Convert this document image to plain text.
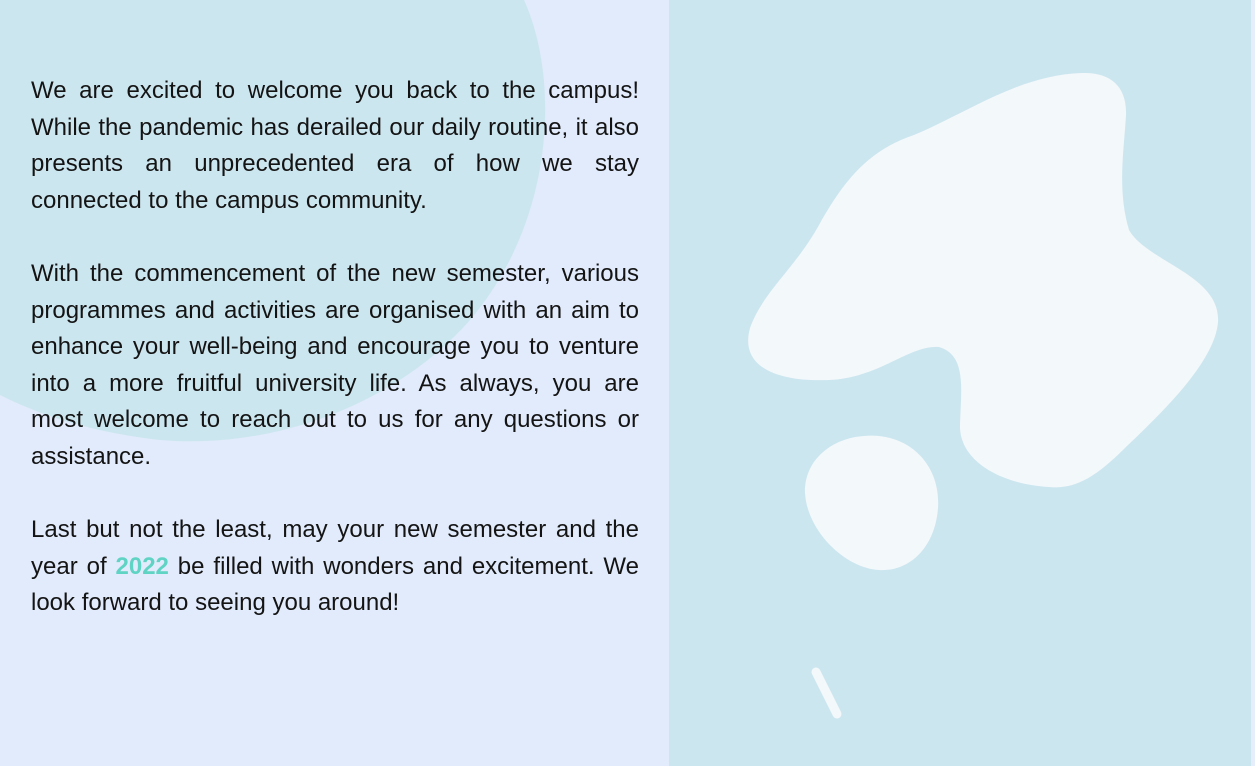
We are excited to welcome you back to the campus! While the pandemic has derailed our daily routine, it also presents an unprecedented era of how we stay connected to the campus community.

With the commencement of the new semester, various programmes and activities are organised with an aim to enhance your well-being and encourage you to venture into a more fruitful university life. As always, you are most welcome to reach out to us for any questions or assistance.

Last but not the least, may your new semester and the year of 2022 be filled with wonders and excitement. We look forward to seeing you around!
